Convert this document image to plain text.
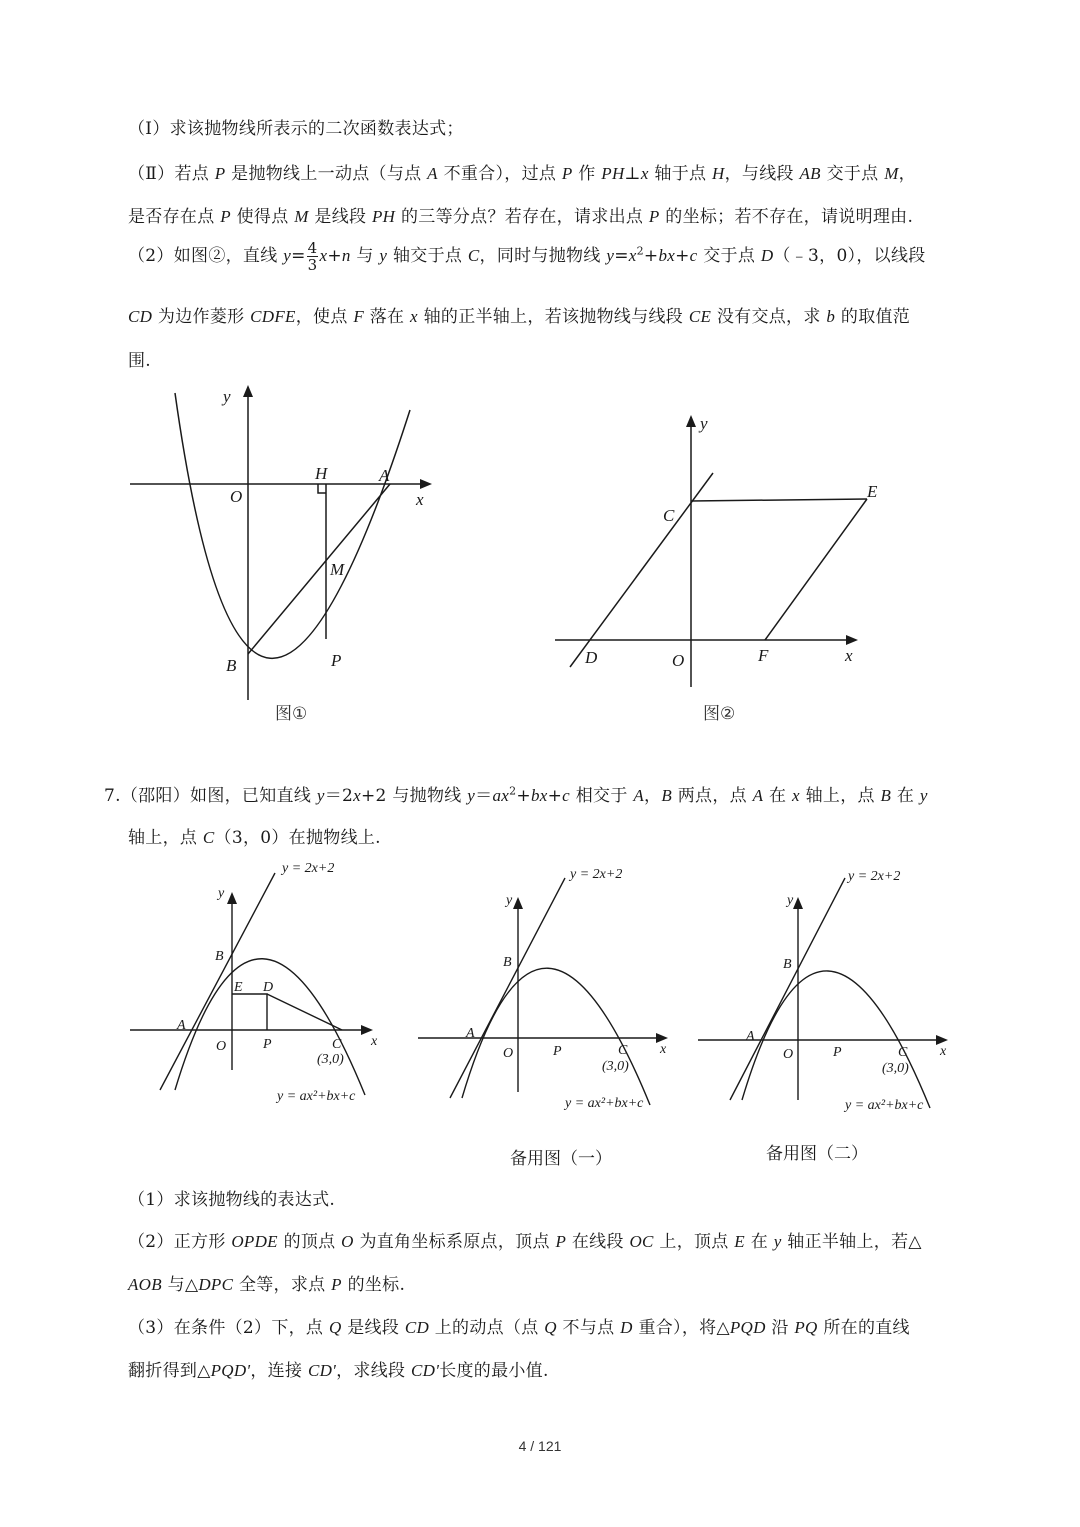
（Ⅰ）求该抛物线所表示的二次函数表达式；
（Ⅱ）若点 P 是抛物线上一动点（与点 A 不重合），过点 P 作 PH⊥x 轴于点 H，与线段 AB 交于点 M，
是否存在点 P 使得点 M 是线段 PH 的三等分点？若存在，请求出点 P 的坐标；若不存在，请说明理由.
（2）如图②，直线 $y= \frac{4}{3} x+n$ 与 y 轴交于点 C，同时与抛物线 $y=x^2+bx+c$ 交于点 D（﹣3，0），以线段
CD 为边作菱形 CDFE，使点 F 落在 x 轴的正半轴上，若该抛物线与线段 CE 没有交点，求 b 的取值范
围.
y
x
O
H	A
M
B	P
图①
y
x
O
C
E
D	F
图②
7.（邵阳）如图，已知直线 y＝2x+2 与抛物线 $y=ax^2+bx+c$ 相交于 A，B 两点，点 A 在 x 轴上，点 B 在 y
轴上，点 C（3，0）在抛物线上.
y = 2x+2
y
B
E D
A
O	P	C
(3,0)
x
y = ax²+bx+c
y = 2x+2
y
B
A
O	P	C
(3,0)
x
y = ax²+bx+c
备用图（一）
y = 2x+2
y
B
A
O	P	C
(3,0)
x
y = ax²+bx+c
备用图（二）
（1）求该抛物线的表达式.
（2）正方形 OPDE 的顶点 O 为直角坐标系原点，顶点 P 在线段 OC 上，顶点 E 在 y 轴正半轴上，若△
AOB 与△DPC 全等，求点 P 的坐标.
（3）在条件（2）下，点 Q 是线段 CD 上的动点（点 Q 不与点 D 重合），将△PQD 沿 PQ 所在的直线
翻折得到△PQD'，连接 CD'，求线段 CD'长度的最小值.
4 / 121
